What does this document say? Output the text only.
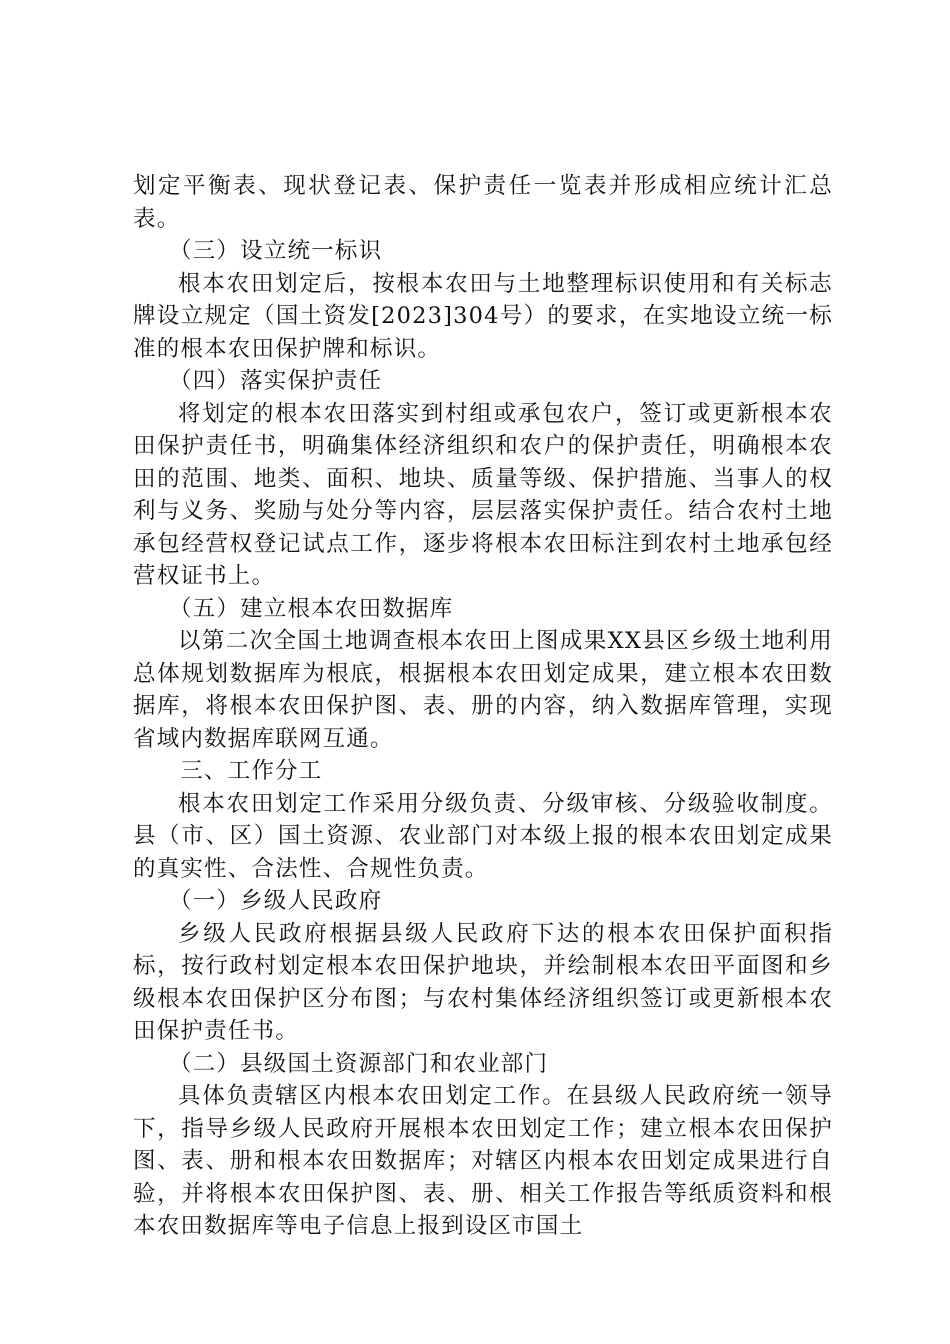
划定平衡表、现状登记表、保护责任一览表并形成相应统计汇总表。

（三）设立统一标识

根本农田划定后，按根本农田与土地整理标识使用和有关标志牌设立规定（国土资发[2023]304号）的要求，在实地设立统一标准的根本农田保护牌和标识。

（四）落实保护责任

将划定的根本农田落实到村组或承包农户，签订或更新根本农田保护责任书，明确集体经济组织和农户的保护责任，明确根本农田的范围、地类、面积、地块、质量等级、保护措施、当事人的权利与义务、奖励与处分等内容，层层落实保护责任。结合农村土地承包经营权登记试点工作，逐步将根本农田标注到农村土地承包经营权证书上。

（五）建立根本农田数据库

以第二次全国土地调查根本农田上图成果XX县区乡级土地利用总体规划数据库为根底，根据根本农田划定成果，建立根本农田数据库，将根本农田保护图、表、册的内容，纳入数据库管理，实现省域内数据库联网互通。

三、工作分工

根本农田划定工作采用分级负责、分级审核、分级验收制度。县（市、区）国土资源、农业部门对本级上报的根本农田划定成果的真实性、合法性、合规性负责。

（一）乡级人民政府

乡级人民政府根据县级人民政府下达的根本农田保护面积指标，按行政村划定根本农田保护地块，并绘制根本农田平面图和乡级根本农田保护区分布图；与农村集体经济组织签订或更新根本农田保护责任书。

（二）县级国土资源部门和农业部门

具体负责辖区内根本农田划定工作。在县级人民政府统一领导下，指导乡级人民政府开展根本农田划定工作；建立根本农田保护图、表、册和根本农田数据库；对辖区内根本农田划定成果进行自验，并将根本农田保护图、表、册、相关工作报告等纸质资料和根本农田数据库等电子信息上报到设区市国土
